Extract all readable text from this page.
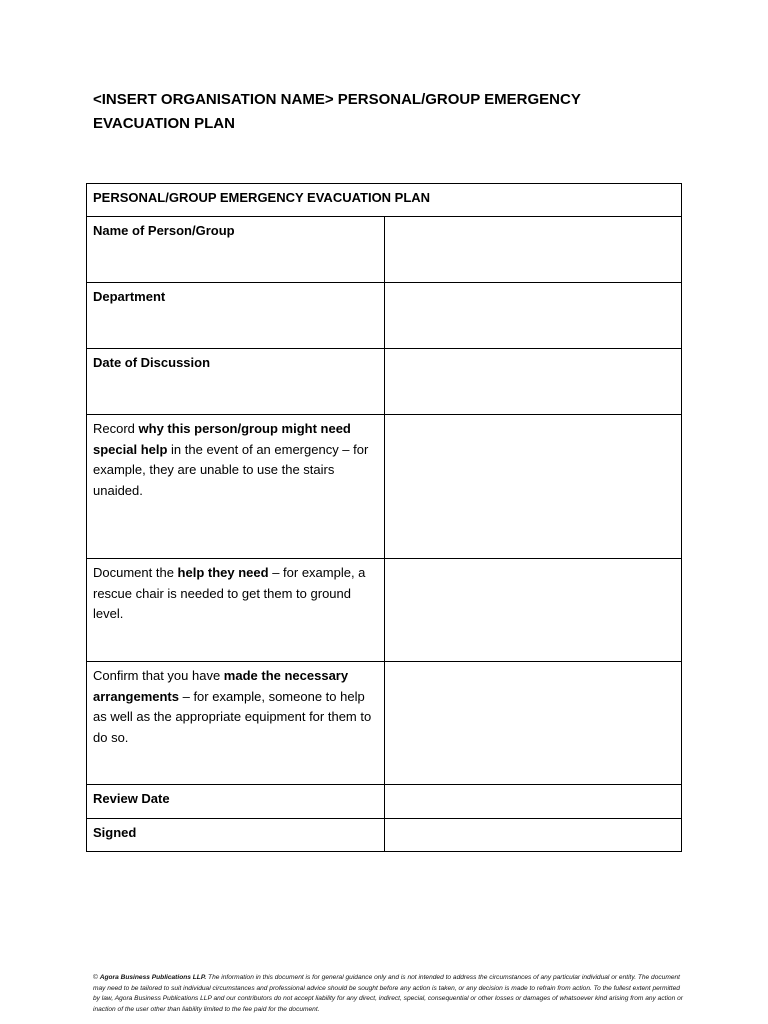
<INSERT ORGANISATION NAME> PERSONAL/GROUP EMERGENCY EVACUATION PLAN
PERSONAL/GROUP EMERGENCY EVACUATION PLAN	
Name of Person/Group	
Department	
Date of Discussion	
Record why this person/group might need special help in the event of an emergency – for example, they are unable to use the stairs unaided.	
Document the help they need – for example, a rescue chair is needed to get them to ground level.	
Confirm that you have made the necessary arrangements – for example, someone to help as well as the appropriate equipment for them to do so.	
Review Date	
Signed	
© Agora Business Publications LLP. The information in this document is for general guidance only and is not intended to address the circumstances of any particular individual or entity. The document may need to be tailored to suit individual circumstances and professional advice should be sought before any action is taken, or any decision is made to refrain from action. To the fullest extent permitted by law, Agora Business Publications LLP and our contributors do not accept liability for any direct, indirect, special, consequential or other losses or damages of whatsoever kind arising from any action or inaction of the user other than liability limited to the fee paid for the document.
